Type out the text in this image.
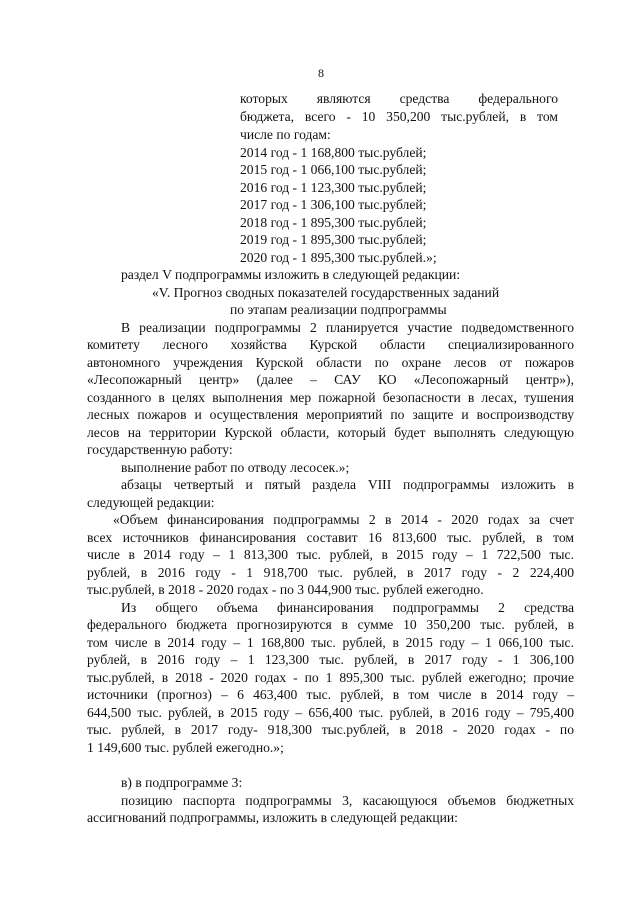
8
которых являются средства федерального
бюджета, всего - 10 350,200 тыс.рублей, в том
числе по годам:
2014 год - 1 168,800 тыс.рублей;
2015 год - 1 066,100 тыс.рублей;
2016 год - 1 123,300 тыс.рублей;
2017 год - 1 306,100 тыс.рублей;
2018 год - 1 895,300 тыс.рублей;
2019 год - 1 895,300 тыс.рублей;
2020 год - 1 895,300 тыс.рублей.»;
раздел V подпрограммы изложить в следующей редакции:
«V. Прогноз сводных показателей государственных заданий
по этапам реализации подпрограммы
В реализации подпрограммы 2 планируется участие подведомственного
комитету лесного хозяйства Курской области специализированного
автономного учреждения Курской области по охране лесов от пожаров
«Лесопожарный центр» (далее – САУ КО «Лесопожарный центр»),
созданного в целях выполнения мер пожарной безопасности в лесах, тушения
лесных пожаров и осуществления мероприятий по защите и воспроизводству
лесов на территории Курской области, который будет выполнять следующую
государственную работу:
выполнение работ по отводу лесосек.»;
абзацы четвертый и пятый раздела VIII подпрограммы изложить в
следующей редакции:
«Объем финансирования подпрограммы 2 в 2014 - 2020 годах за счет
всех источников финансирования составит 16 813,600 тыс. рублей, в том
числе в 2014 году – 1 813,300 тыс. рублей, в 2015 году – 1 722,500 тыс.
рублей, в 2016 году - 1 918,700 тыс. рублей, в 2017 году - 2 224,400
тыс.рублей, в 2018 - 2020 годах - по 3 044,900 тыс. рублей ежегодно.
Из общего объема финансирования подпрограммы 2 средства
федерального бюджета прогнозируются в сумме 10 350,200 тыс. рублей, в
том числе в 2014 году – 1 168,800 тыс. рублей, в 2015 году – 1 066,100 тыс.
рублей, в 2016 году – 1 123,300 тыс. рублей, в 2017 году - 1 306,100
тыс.рублей, в 2018 - 2020 годах - по 1 895,300 тыс. рублей ежегодно; прочие
источники (прогноз) – 6 463,400 тыс. рублей, в том числе в 2014 году –
644,500 тыс. рублей, в 2015 году – 656,400 тыс. рублей, в 2016 году – 795,400
тыс. рублей, в 2017 году- 918,300 тыс.рублей, в 2018 - 2020 годах - по
1 149,600 тыс. рублей ежегодно.»;
в) в подпрограмме 3:
позицию паспорта подпрограммы 3, касающуюся объемов бюджетных
ассигнований подпрограммы, изложить в следующей редакции:
